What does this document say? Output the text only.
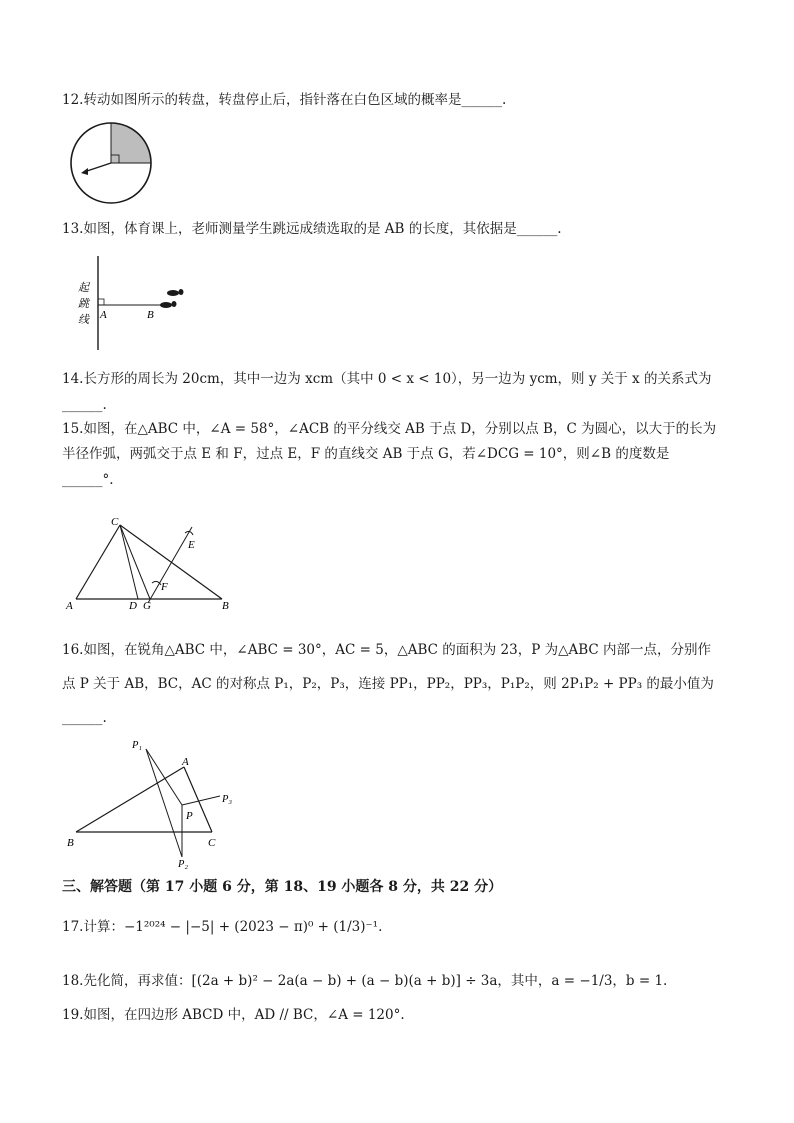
12.转动如图所示的转盘，转盘停止后，指针落在白色区域的概率是______.
13.如图，体育课上，老师测量学生跳远成绩选取的是 AB 的长度，其依据是______.
起
跳
线 A	B
14.长方形的周长为 20cm，其中一边为 xcm（其中 0 < x < 10），另一边为 ycm，则 y 关于 x 的关系式为
______.
15.如图，在△ABC 中，∠A = 58°，∠ACB 的平分线交 AB 于点 D，分别以点 B，C 为圆心，以大于的长为
半径作弧，两弧交于点 E 和 F，过点 E，F 的直线交 AB 于点 G，若∠DCG = 10°，则∠B 的度数是
______°.
A	B
C
D G
E
F
16.如图，在锐角△ABC 中，∠ABC = 30°，AC = 5，△ABC 的面积为 23，P 为△ABC 内部一点，分别作
点 P 关于 AB，BC，AC 的对称点 P₁，P₂，P₃，连接 PP₁，PP₂，PP₃，P₁P₂，则 2P₁P₂ + PP₃ 的最小值为
______.
P₁
P₂
P₃
A
B	C
P
三、解答题（第 17 小题 6 分，第 18、19 小题各 8 分，共 22 分）
17.计算：−1²⁰²⁴ − |−5| + (2023 − π)⁰ + (1/3)⁻¹.
18.先化简，再求值：[(2a + b)² − 2a(a − b) + (a − b)(a + b)] ÷ 3a，其中，a = −1/3，b = 1.
19.如图，在四边形 ABCD 中，AD // BC，∠A = 120°.
